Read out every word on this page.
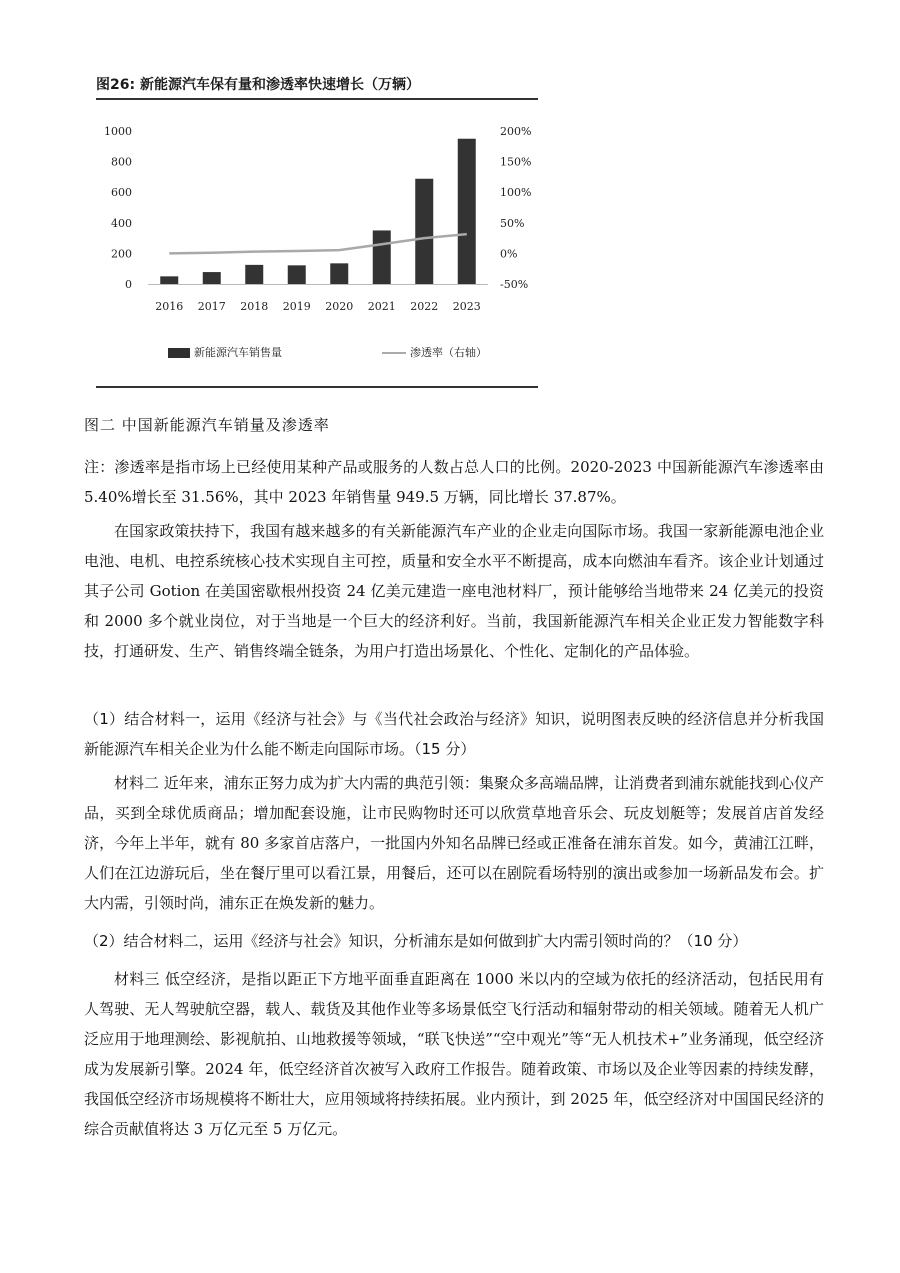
图26: 新能源汽车保有量和渗透率快速增长（万辆）
0
200
400
600
800
1000
-50%
0%
50%
100%
150%
200%
2016 2017 2018 2019 2020 2021 2022 2023
新能源汽车销售量	渗透率（右轴）
图二 中国新能源汽车销量及渗透率

注：渗透率是指市场上已经使用某种产品或服务的人数占总人口的比例。2020-2023 中国新能源汽车渗透率由 5.40%增长至 31.56%，其中 2023 年销售量 949.5 万辆，同比增长 37.87%。

在国家政策扶持下，我国有越来越多的有关新能源汽车产业的企业走向国际市场。我国一家新能源电池企业电池、电机、电控系统核心技术实现自主可控，质量和安全水平不断提高，成本向燃油车看齐。该企业计划通过其子公司 Gotion 在美国密歇根州投资 24 亿美元建造一座电池材料厂，预计能够给当地带来 24 亿美元的投资和 2000 多个就业岗位，对于当地是一个巨大的经济利好。当前，我国新能源汽车相关企业正发力智能数字科技，打通研发、生产、销售终端全链条，为用户打造出场景化、个性化、定制化的产品体验。

（1）结合材料一，运用《经济与社会》与《当代社会政治与经济》知识，说明图表反映的经济信息并分析我国新能源汽车相关企业为什么能不断走向国际市场。（15 分）

材料二 近年来，浦东正努力成为扩大内需的典范引领：集聚众多高端品牌，让消费者到浦东就能找到心仪产品，买到全球优质商品；增加配套设施，让市民购物时还可以欣赏草地音乐会、玩皮划艇等；发展首店首发经济，今年上半年，就有 80 多家首店落户，一批国内外知名品牌已经或正准备在浦东首发。如今，黄浦江江畔，人们在江边游玩后，坐在餐厅里可以看江景，用餐后，还可以在剧院看场特别的演出或参加一场新品发布会。扩大内需，引领时尚，浦东正在焕发新的魅力。

（2）结合材料二，运用《经济与社会》知识，分析浦东是如何做到扩大内需引领时尚的？（10 分）

材料三 低空经济，是指以距正下方地平面垂直距离在 1000 米以内的空域为依托的经济活动，包括民用有人驾驶、无人驾驶航空器，载人、载货及其他作业等多场景低空飞行活动和辐射带动的相关领域。随着无人机广泛应用于地理测绘、影视航拍、山地救援等领域，“联飞快送”“空中观光”等“无人机技术+”业务涌现，低空经济成为发展新引擎。2024 年，低空经济首次被写入政府工作报告。随着政策、市场以及企业等因素的持续发酵，我国低空经济市场规模将不断壮大，应用领域将持续拓展。业内预计，到 2025 年，低空经济对中国国民经济的综合贡献值将达 3 万亿元至 5 万亿元。
